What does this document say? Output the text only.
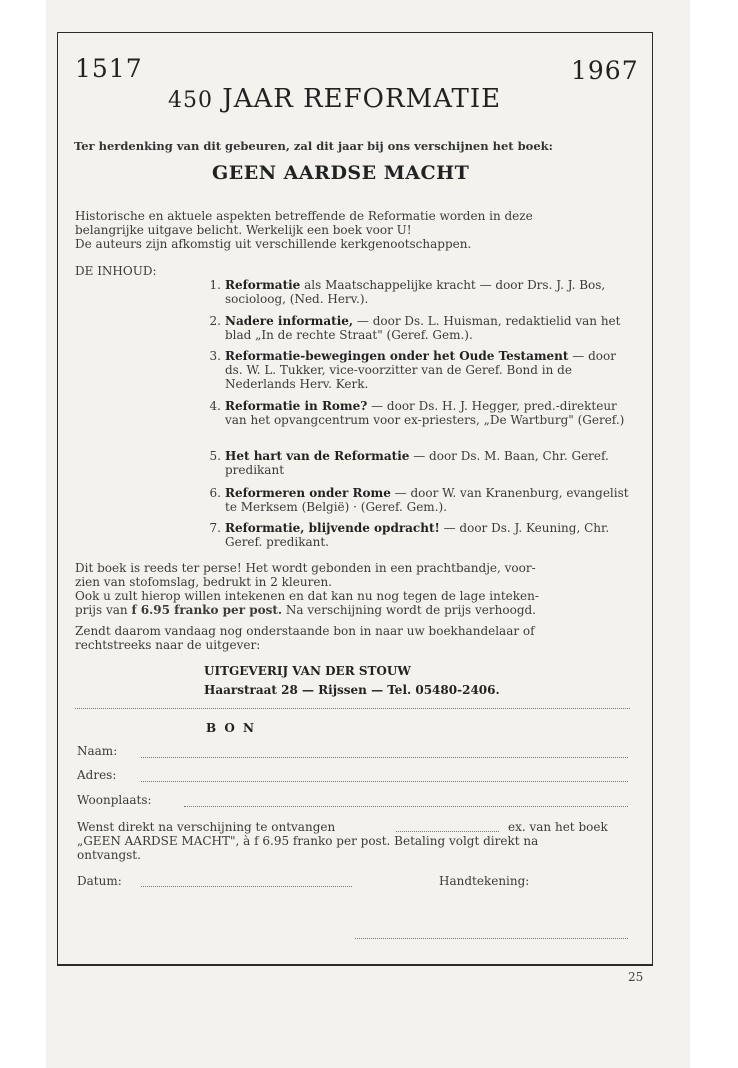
1517	1967
450 JAAR REFORMATIE
Ter herdenking van dit gebeuren, zal dit jaar bij ons verschijnen het boek:
GEEN AARDSE MACHT
Historische en aktuele aspekten betreffende de Reformatie worden in deze
belangrijke uitgave belicht. Werkelijk een boek voor U!
De auteurs zijn afkomstig uit verschillende kerkgenootschappen.
DE INHOUD:
1. Reformatie als Maatschappelijke kracht — door Drs. J. J. Bos, socioloog, (Ned. Herv.).
2. Nadere informatie, — door Ds. L. Huisman, redaktielid van het blad „In de rechte Straat" (Geref. Gem.).
3. Reformatie-bewegingen onder het Oude Testament — door ds. W. L. Tukker, vice-voorzitter van de Geref. Bond in de Nederlands Herv. Kerk.
4. Reformatie in Rome? — door Ds. H. J. Hegger, pred.-direkteur van het opvangcentrum voor ex-priesters, „De Wartburg" (Geref.)
5. Het hart van de Reformatie — door Ds. M. Baan, Chr. Geref. predikant
6. Reformeren onder Rome — door W. van Kranenburg, evangelist te Merksem (België) · (Geref. Gem.).
7. Reformatie, blijvende opdracht! — door Ds. J. Keuning, Chr. Geref. predikant.
Dit boek is reeds ter perse! Het wordt gebonden in een prachtbandje, voor-
zien van stofomslag, bedrukt in 2 kleuren.
Ook u zult hierop willen intekenen en dat kan nu nog tegen de lage inteken-
prijs van f 6.95 franko per post. Na verschijning wordt de prijs verhoogd.
Zendt daarom vandaag nog onderstaande bon in naar uw boekhandelaar of
rechtstreeks naar de uitgever:
UITGEVERIJ VAN DER STOUW
Haarstraat 28 — Rijssen — Tel. 05480-2406.
B O N
Naam:
Adres:
Woonplaats:
Wenst direkt na verschijning te ontvangen	ex. van het boek
„GEEN AARDSE MACHT", à f 6.95 franko per post. Betaling volgt direkt na
ontvangst.
Datum:	Handtekening:
25
